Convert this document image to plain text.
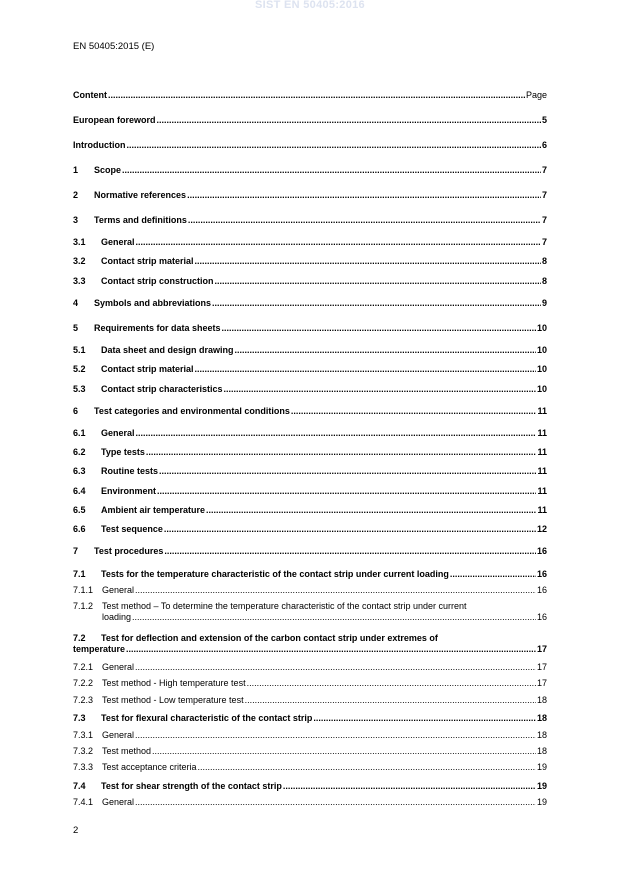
SIST EN 50405:2016
EN 50405:2015 (E)
Content .....	Page
European foreword .....	5
Introduction .....	6
1	Scope .....	7
2	Normative references .....	7
3	Terms and definitions .....	7
3.1	General .....	7
3.2	Contact strip material .....	8
3.3	Contact strip construction .....	8
4	Symbols and abbreviations .....	9
5	Requirements for data sheets .....	10
5.1	Data sheet and design drawing .....	10
5.2	Contact strip material .....	10
5.3	Contact strip characteristics .....	10
6	Test categories and environmental conditions .....	11
6.1	General .....	11
6.2	Type tests .....	11
6.3	Routine tests .....	11
6.4	Environment .....	11
6.5	Ambient air temperature .....	11
6.6	Test sequence .....	12
7	Test procedures .....	16
7.1	Tests for the temperature characteristic of the contact strip under current loading .....	16
7.1.1 General .....	16
7.1.2 Test method – To determine the temperature characteristic of the contact strip under current
loading .....	16
7.2	Test for deflection and extension of the carbon contact strip under extremes of
temperature .....	17
7.2.1 General .....	17
7.2.2 Test method - High temperature test .....	17
7.2.3 Test method - Low temperature test .....	18
7.3	Test for flexural characteristic of the contact strip .....	18
7.3.1 General .....	18
7.3.2 Test method .....	18
7.3.3 Test acceptance criteria .....	19
7.4	Test for shear strength of the contact strip .....	19
7.4.1 General .....	19
2
